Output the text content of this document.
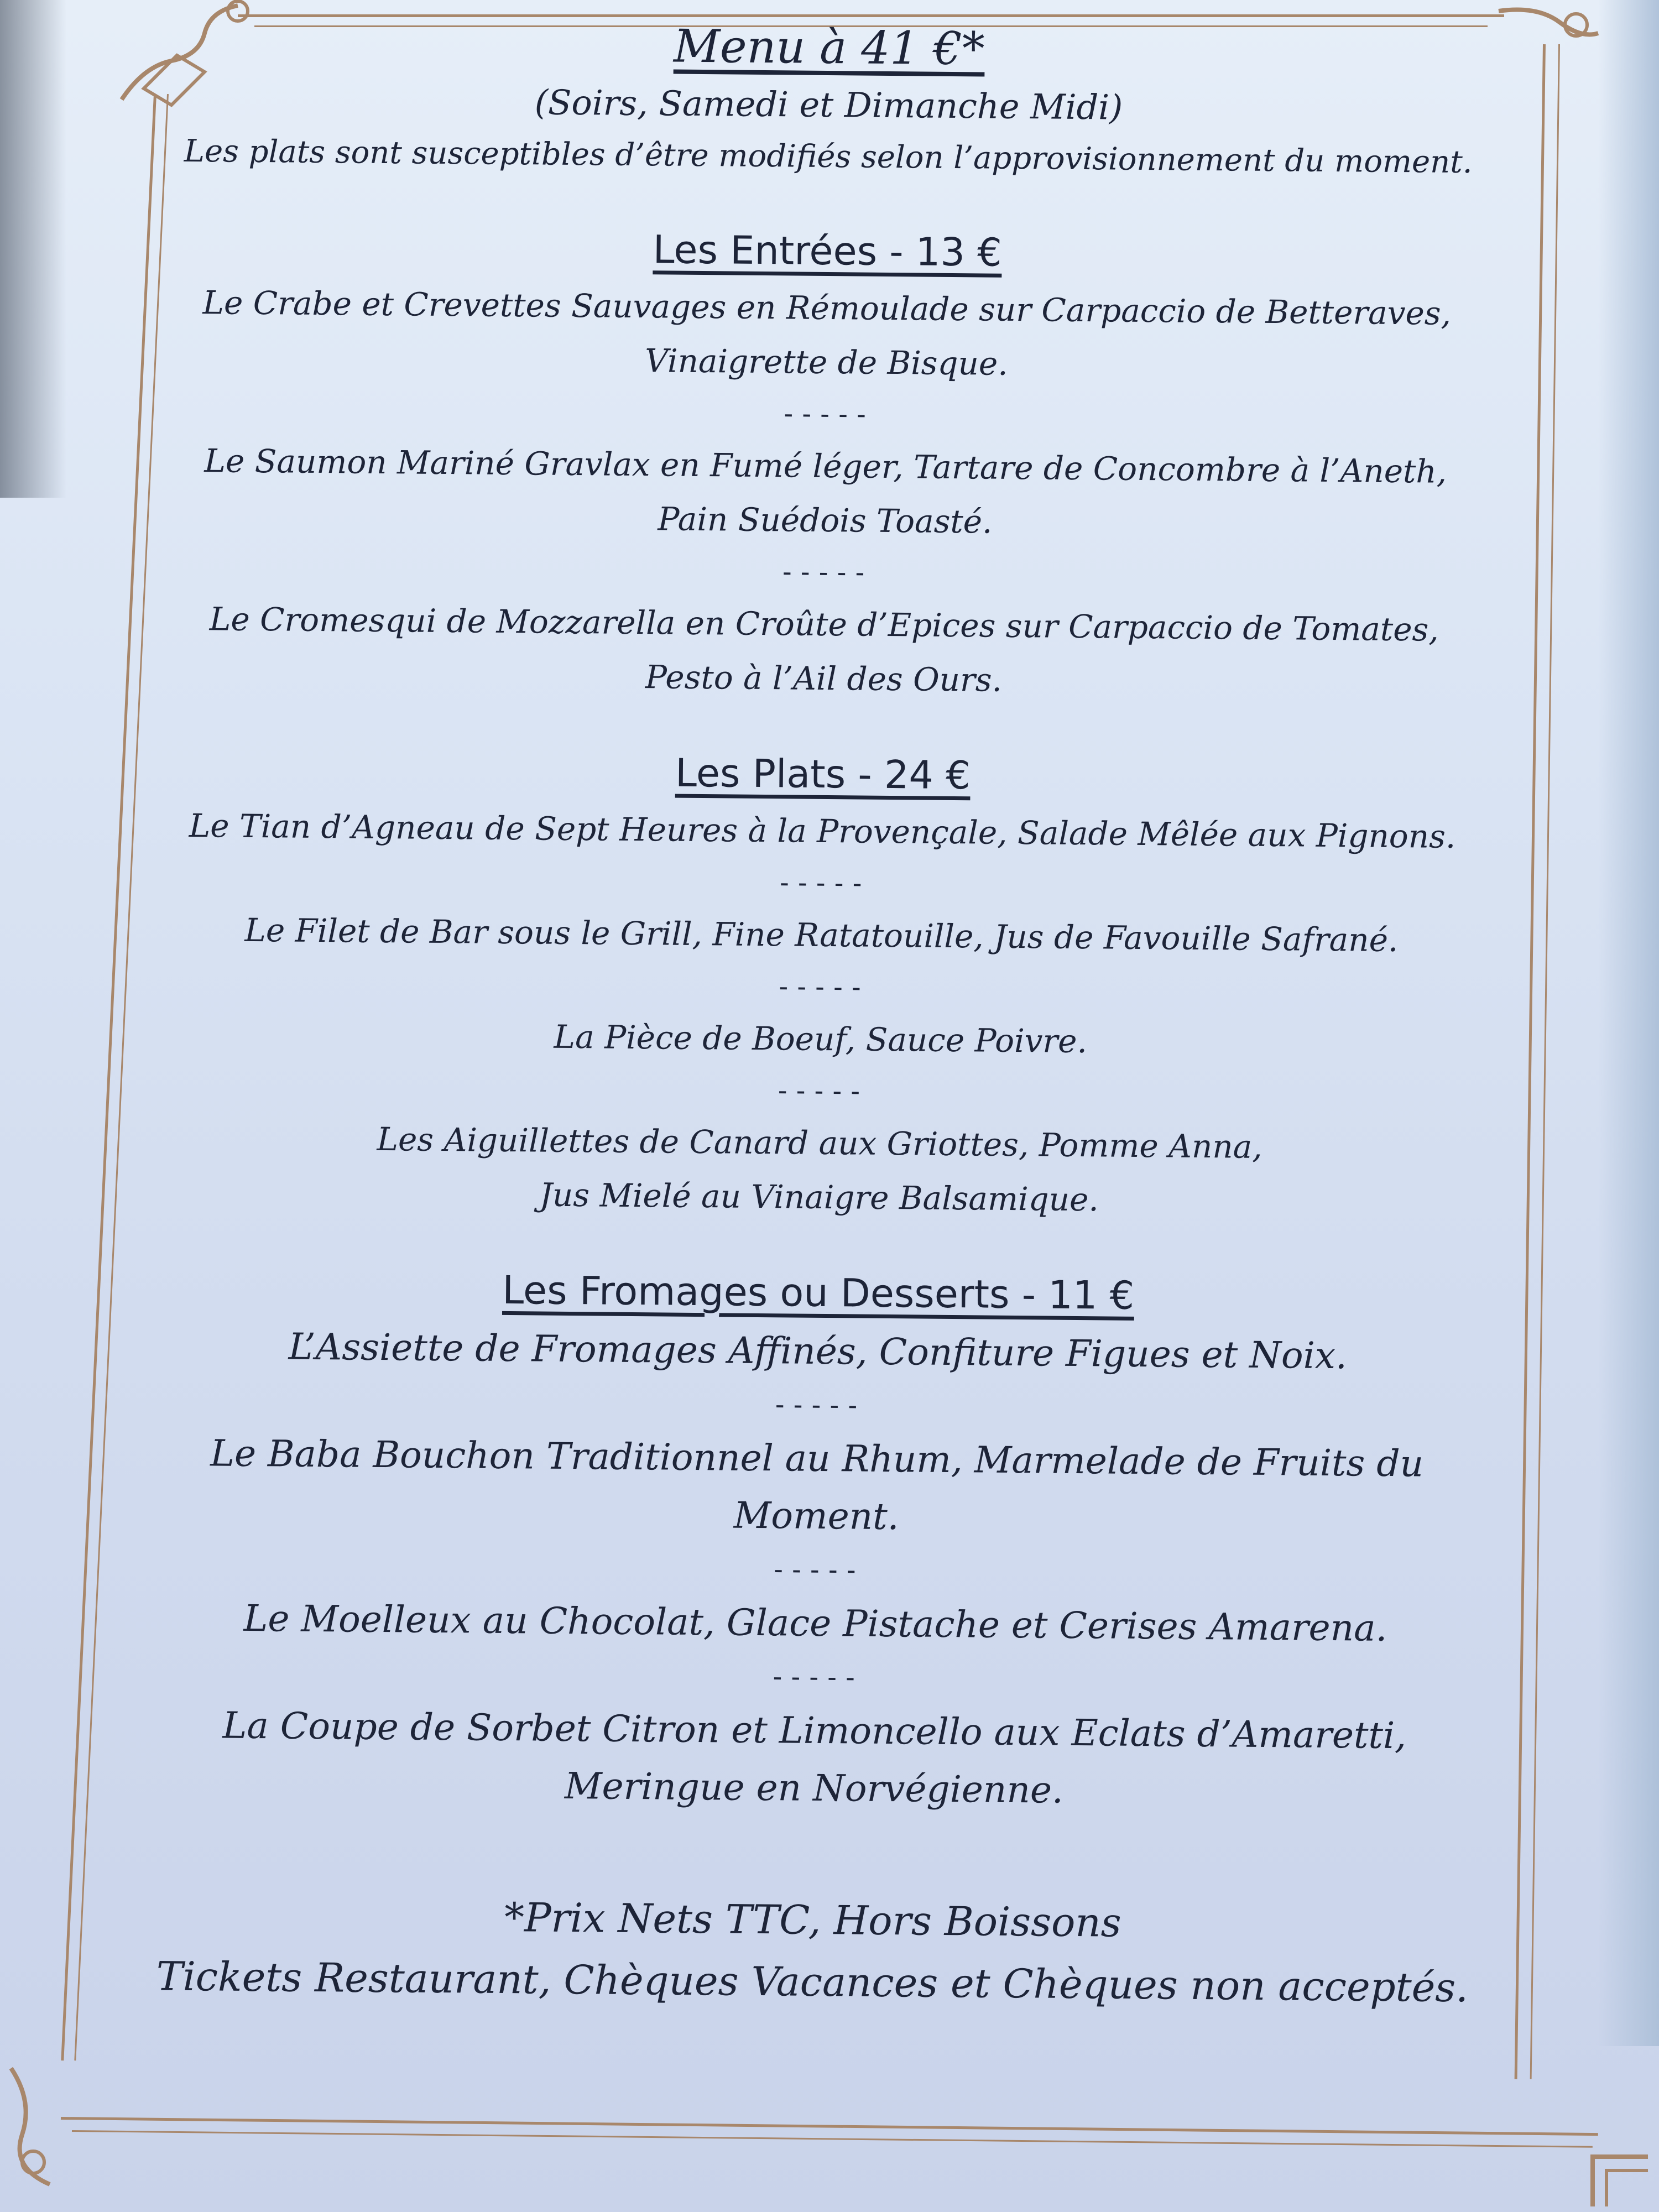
Menu à 41 €*
(Soirs, Samedi et Dimanche Midi)
Les plats sont susceptibles d’être modifiés selon l’approvisionnement du moment.
Les Entrées - 13 €
Le Crabe et Crevettes Sauvages en Rémoulade sur Carpaccio de Betteraves,
Vinaigrette de Bisque.
-----
Le Saumon Mariné Gravlax en Fumé léger, Tartare de Concombre à l’Aneth,
Pain Suédois Toasté.
-----
Le Cromesqui de Mozzarella en Croûte d’Epices sur Carpaccio de Tomates,
Pesto à l’Ail des Ours.
Les Plats - 24 €
Le Tian d’Agneau de Sept Heures à la Provençale, Salade Mêlée aux Pignons.
-----
Le Filet de Bar sous le Grill, Fine Ratatouille, Jus de Favouille Safrané.
-----
La Pièce de Boeuf, Sauce Poivre.
-----
Les Aiguillettes de Canard aux Griottes, Pomme Anna,
Jus Mielé au Vinaigre Balsamique.
Les Fromages ou Desserts - 11 €
L’Assiette de Fromages Affinés, Confiture Figues et Noix.
-----
Le Baba Bouchon Traditionnel au Rhum, Marmelade de Fruits du Moment.
-----
Le Moelleux au Chocolat, Glace Pistache et Cerises Amarena.
-----
La Coupe de Sorbet Citron et Limoncello aux Eclats d’Amaretti,
Meringue en Norvégienne.
*Prix Nets TTC, Hors Boissons
Tickets Restaurant, Chèques Vacances et Chèques non acceptés.
